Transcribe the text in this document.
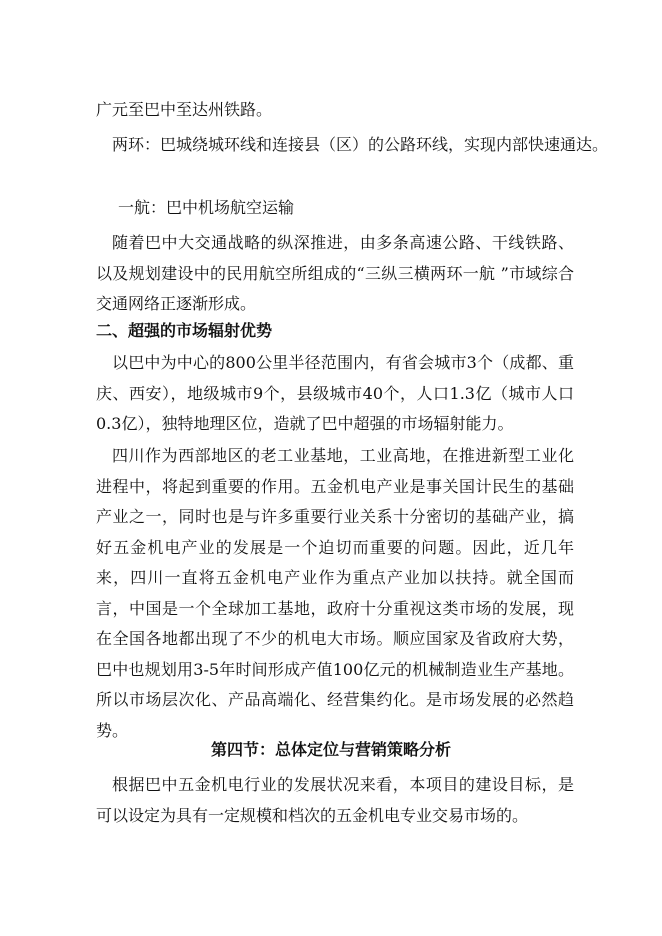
广元至巴中至达州铁路。
两环：巴城绕城环线和连接县（区）的公路环线，实现内部快速通达。
一航：巴中机场航空运输
随着巴中大交通战略的纵深推进，由多条高速公路、干线铁路、以及规划建设中的民用航空所组成的“三纵三横两环一航 ”市域综合交通网络正逐渐形成。
二、超强的市场辐射优势
以巴中为中心的800公里半径范围内，有省会城市3个（成都、重庆、西安），地级城市9个，县级城市40个，人口1.3亿（城市人口0.3亿），独特地理区位，造就了巴中超强的市场辐射能力。
四川作为西部地区的老工业基地，工业高地，在推进新型工业化进程中，将起到重要的作用。五金机电产业是事关国计民生的基础产业之一，同时也是与许多重要行业关系十分密切的基础产业，搞好五金机电产业的发展是一个迫切而重要的问题。因此，近几年来，四川一直将五金机电产业作为重点产业加以扶持。就全国而言，中国是一个全球加工基地，政府十分重视这类市场的发展，现在全国各地都出现了不少的机电大市场。顺应国家及省政府大势，巴中也规划用3-5年时间形成产值100亿元的机械制造业生产基地。所以市场层次化、产品高端化、经营集约化。是市场发展的必然趋势。
第四节：总体定位与营销策略分析
根据巴中五金机电行业的发展状况来看，本项目的建设目标，是可以设定为具有一定规模和档次的五金机电专业交易市场的。
